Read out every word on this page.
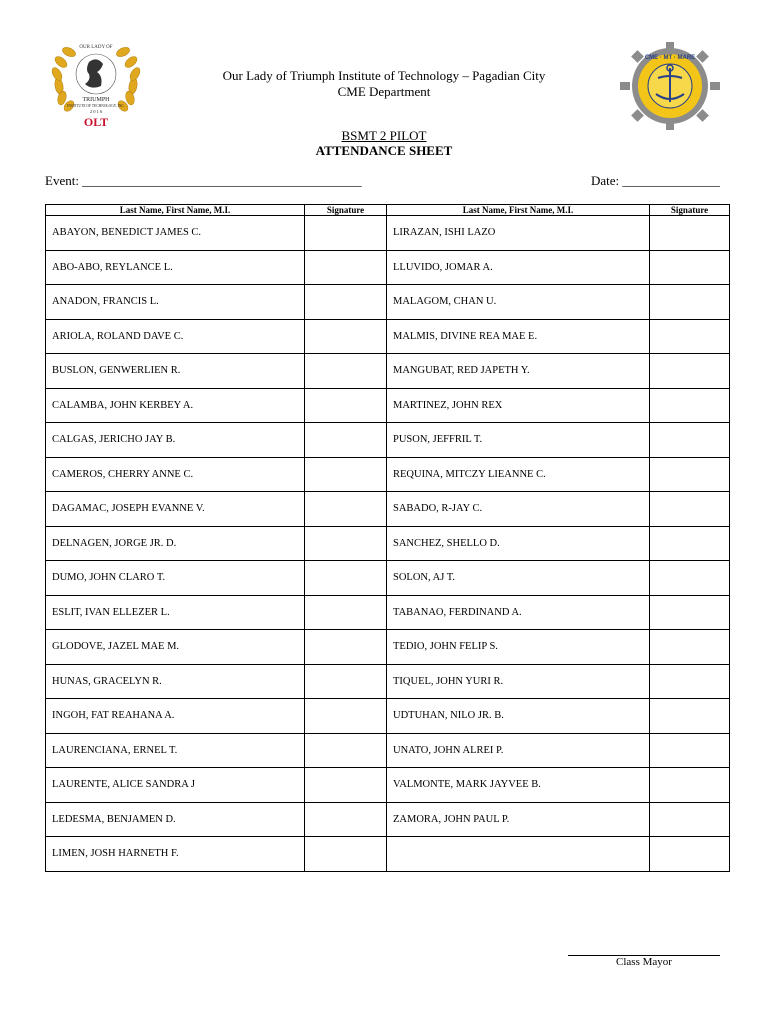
OUR LADY OF
TRIUMPH
INSTITUTE OF TECHNOLOGY, INC.
2 0 1 6
OLT
CME · MT · MARE
Our Lady of Triumph Institute of Technology – Pagadian City
CME Department
BSMT 2 PILOT
ATTENDANCE SHEET
Event: ___________________________________________	Date: _______________
Last Name, First Name, M.I.	Signature	Last Name, First Name, M.I.	Signature
ABAYON, BENEDICT JAMES C.		LIRAZAN, ISHI LAZO	
ABO-ABO, REYLANCE L.		LLUVIDO, JOMAR A.	
ANADON, FRANCIS L.		MALAGOM, CHAN U.	
ARIOLA, ROLAND DAVE C.		MALMIS, DIVINE REA MAE E.	
BUSLON, GENWERLIEN R.		MANGUBAT, RED JAPETH Y.	
CALAMBA, JOHN KERBEY A.		MARTINEZ, JOHN REX	
CALGAS, JERICHO JAY B.		PUSON, JEFFRIL T.	
CAMEROS, CHERRY ANNE C.		REQUINA, MITCZY LIEANNE C.	
DAGAMAC, JOSEPH EVANNE V.		SABADO, R-JAY C.	
DELNAGEN, JORGE JR. D.		SANCHEZ, SHELLO D.	
DUMO, JOHN CLARO T.		SOLON, AJ T.	
ESLIT, IVAN ELLEZER L.		TABANAO, FERDINAND A.	
GLODOVE, JAZEL MAE M.		TEDIO, JOHN FELIP S.	
HUNAS, GRACELYN R.		TIQUEL, JOHN YURI R.	
INGOH, FAT REAHANA A.		UDTUHAN, NILO JR. B.	
LAURENCIANA, ERNEL T.		UNATO, JOHN ALREI P.	
LAURENTE, ALICE SANDRA J		VALMONTE, MARK JAYVEE B.	
LEDESMA, BENJAMEN D.		ZAMORA, JOHN PAUL P.	
LIMEN, JOSH HARNETH F.			
Class Mayor
